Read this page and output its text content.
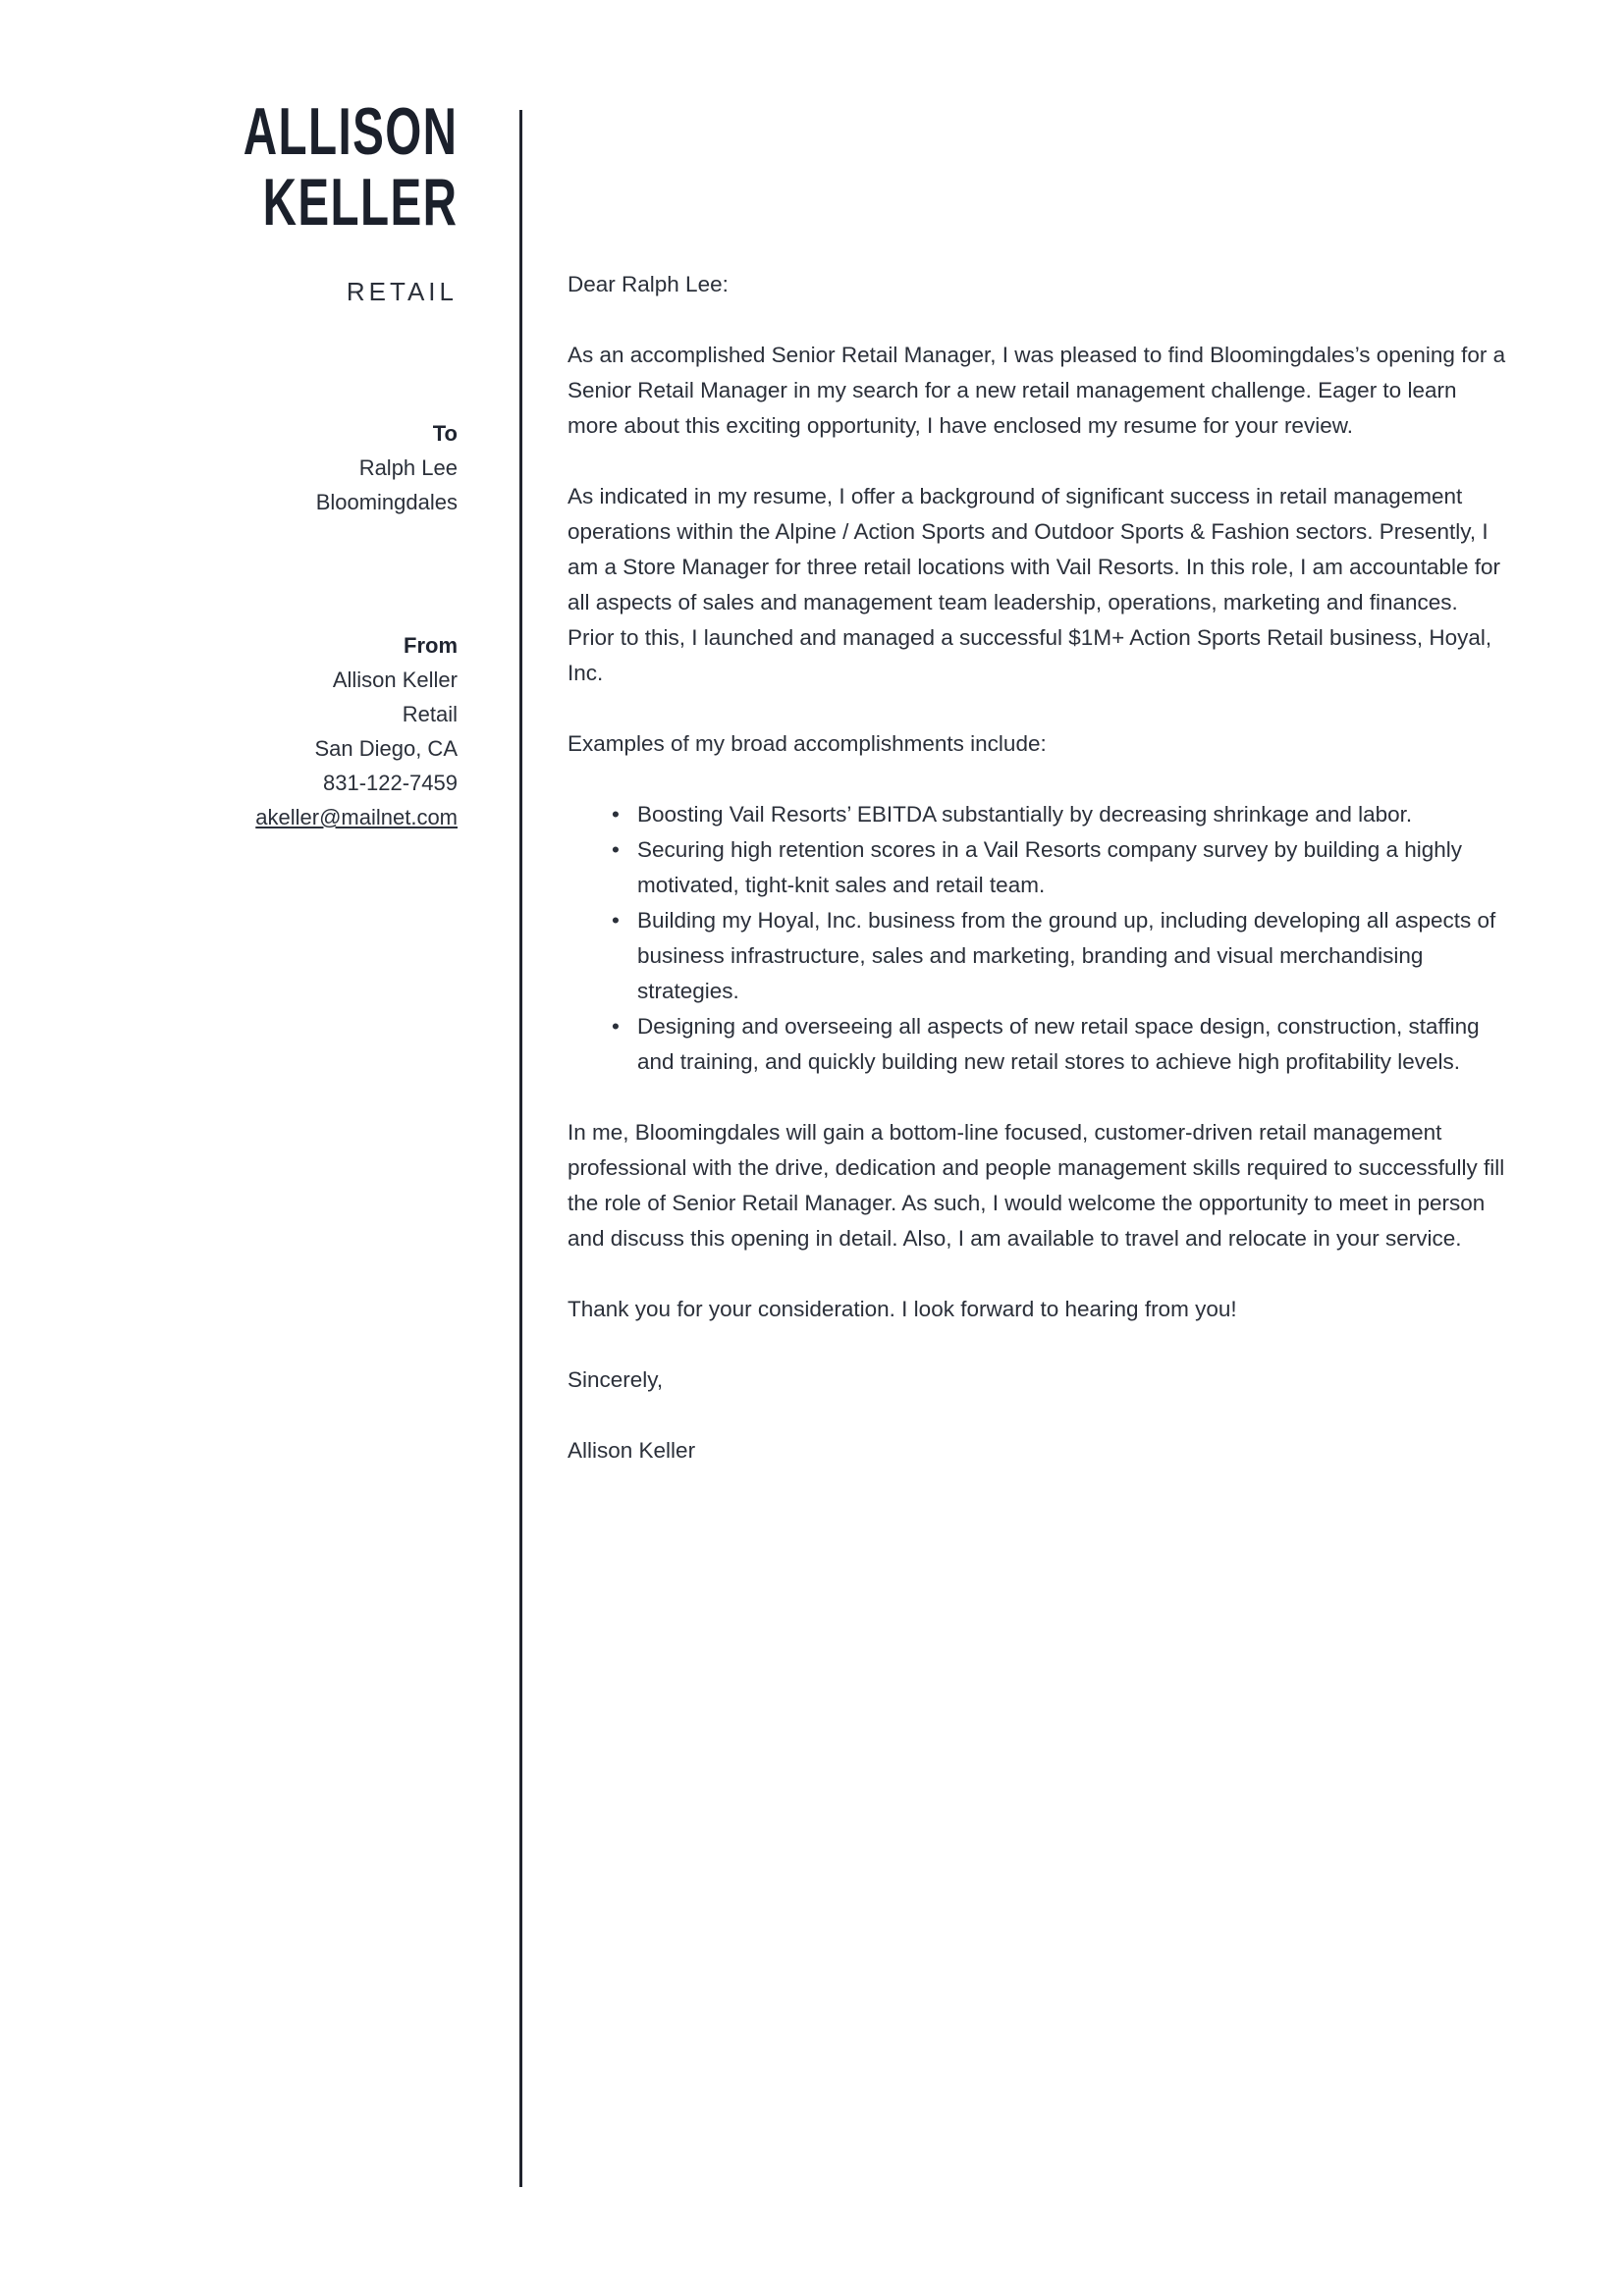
ALLISON
KELLER
RETAIL
To
Ralph Lee
Bloomingdales
From
Allison Keller
Retail
San Diego, CA
831-122-7459
akeller@mailnet.com

Dear Ralph Lee:

As an accomplished Senior Retail Manager, I was pleased to find Bloomingdales’s opening for a Senior Retail Manager in my search for a new retail management challenge. Eager to learn more about this exciting opportunity, I have enclosed my resume for your review.

As indicated in my resume, I offer a background of significant success in retail management operations within the Alpine / Action Sports and Outdoor Sports & Fashion sectors. Presently, I am a Store Manager for three retail locations with Vail Resorts. In this role, I am accountable for all aspects of sales and management team leadership, operations, marketing and finances. Prior to this, I launched and managed a successful $1M+ Action Sports Retail business, Hoyal, Inc.

Examples of my broad accomplishments include:

• Boosting Vail Resorts’ EBITDA substantially by decreasing shrinkage and labor.
• Securing high retention scores in a Vail Resorts company survey by building a highly motivated, tight-knit sales and retail team.
• Building my Hoyal, Inc. business from the ground up, including developing all aspects of business infrastructure, sales and marketing, branding and visual merchandising strategies.
• Designing and overseeing all aspects of new retail space design, construction, staffing and training, and quickly building new retail stores to achieve high profitability levels.

In me, Bloomingdales will gain a bottom-line focused, customer-driven retail management professional with the drive, dedication and people management skills required to successfully fill the role of Senior Retail Manager. As such, I would welcome the opportunity to meet in person and discuss this opening in detail. Also, I am available to travel and relocate in your service.

Thank you for your consideration. I look forward to hearing from you!

Sincerely,

Allison Keller
